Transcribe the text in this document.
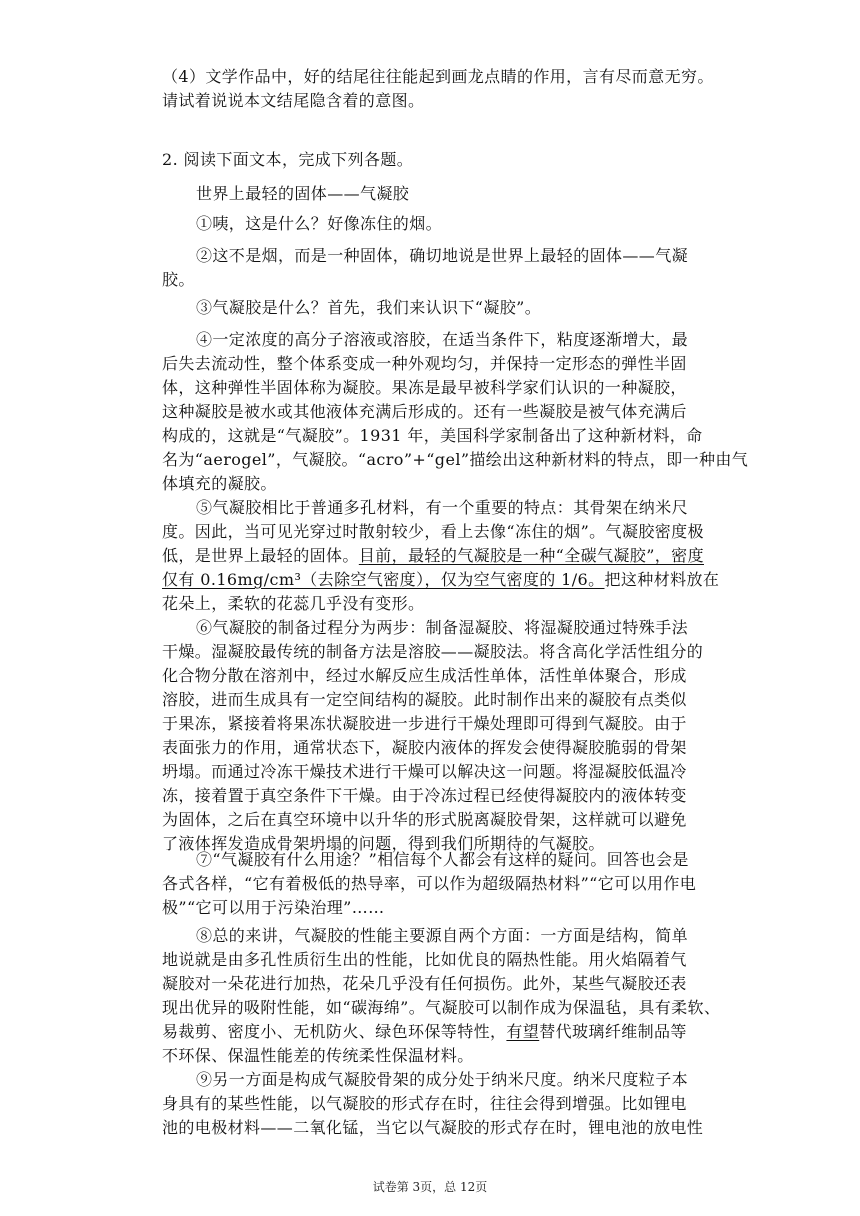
（4）文学作品中，好的结尾往往能起到画龙点睛的作用，言有尽而意无穷。
请试着说说本文结尾隐含着的意图。
2. 阅读下面文本，完成下列各题。
世界上最轻的固体——气凝胶
①咦，这是什么？好像冻住的烟。
②这不是烟，而是一种固体，确切地说是世界上最轻的固体——气凝
胶。
③气凝胶是什么？首先，我们来认识下“凝胶”。
④一定浓度的高分子溶液或溶胶，在适当条件下，粘度逐渐增大，最
后失去流动性，整个体系变成一种外观均匀，并保持一定形态的弹性半固
体，这种弹性半固体称为凝胶。果冻是最早被科学家们认识的一种凝胶，
这种凝胶是被水或其他液体充满后形成的。还有一些凝胶是被气体充满后
构成的，这就是“气凝胶”。1931 年，美国科学家制备出了这种新材料，命
名为“aerogel”，气凝胶。“acro”+“gel”描绘出这种新材料的特点，即一种由气
体填充的凝胶。
⑤气凝胶相比于普通多孔材料，有一个重要的特点：其骨架在纳米尺
度。因此，当可见光穿过时散射较少，看上去像“冻住的烟”。气凝胶密度极
低，是世界上最轻的固体。目前，最轻的气凝胶是一种“全碳气凝胶”，密度
仅有 0.16mg/cm³（去除空气密度），仅为空气密度的 1/6。把这种材料放在
花朵上，柔软的花蕊几乎没有变形。
⑥气凝胶的制备过程分为两步：制备湿凝胶、将湿凝胶通过特殊手法
干燥。湿凝胶最传统的制备方法是溶胶——凝胶法。将含高化学活性组分的
化合物分散在溶剂中，经过水解反应生成活性单体，活性单体聚合，形成
溶胶，进而生成具有一定空间结构的凝胶。此时制作出来的凝胶有点类似
于果冻，紧接着将果冻状凝胶进一步进行干燥处理即可得到气凝胶。由于
表面张力的作用，通常状态下，凝胶内液体的挥发会使得凝胶脆弱的骨架
坍塌。而通过冷冻干燥技术进行干燥可以解决这一问题。将湿凝胶低温冷
冻，接着置于真空条件下干燥。由于冷冻过程已经使得凝胶内的液体转变
为固体，之后在真空环境中以升华的形式脱离凝胶骨架，这样就可以避免
了液体挥发造成骨架坍塌的问题，得到我们所期待的气凝胶。
⑦“气凝胶有什么用途？”相信每个人都会有这样的疑问。回答也会是
各式各样，“它有着极低的热导率，可以作为超级隔热材料”“它可以用作电
极”“它可以用于污染治理”……
⑧总的来讲，气凝胶的性能主要源自两个方面：一方面是结构，简单
地说就是由多孔性质衍生出的性能，比如优良的隔热性能。用火焰隔着气
凝胶对一朵花进行加热，花朵几乎没有任何损伤。此外，某些气凝胶还表
现出优异的吸附性能，如“碳海绵”。气凝胶可以制作成为保温毡，具有柔软、
易裁剪、密度小、无机防火、绿色环保等特性，有望替代玻璃纤维制品等
不环保、保温性能差的传统柔性保温材料。
⑨另一方面是构成气凝胶骨架的成分处于纳米尺度。纳米尺度粒子本
身具有的某些性能，以气凝胶的形式存在时，往往会得到增强。比如锂电
池的电极材料——二氧化锰，当它以气凝胶的形式存在时，锂电池的放电性
试卷第 3页，总 12页
